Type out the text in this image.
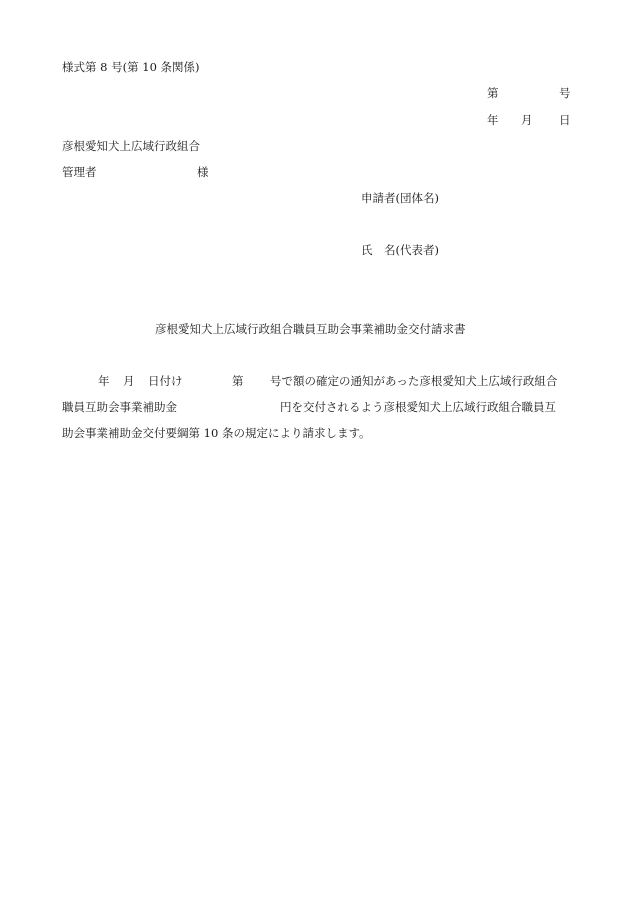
様式第 8 号(第 10 条関係)
第	号
年 月 日
彦根愛知犬上広域行政組合
管理者	様
申請者(団体名)
氏　名(代表者)
彦根愛知犬上広域行政組合職員互助会事業補助金交付請求書
年 月 日付け	第 号で額の確定の通知があった彦根愛知犬上広域行政組合
職員互助会事業補助金	円を交付されるよう彦根愛知犬上広域行政組合職員互
助会事業補助金交付要綱第 10 条の規定により請求します。
